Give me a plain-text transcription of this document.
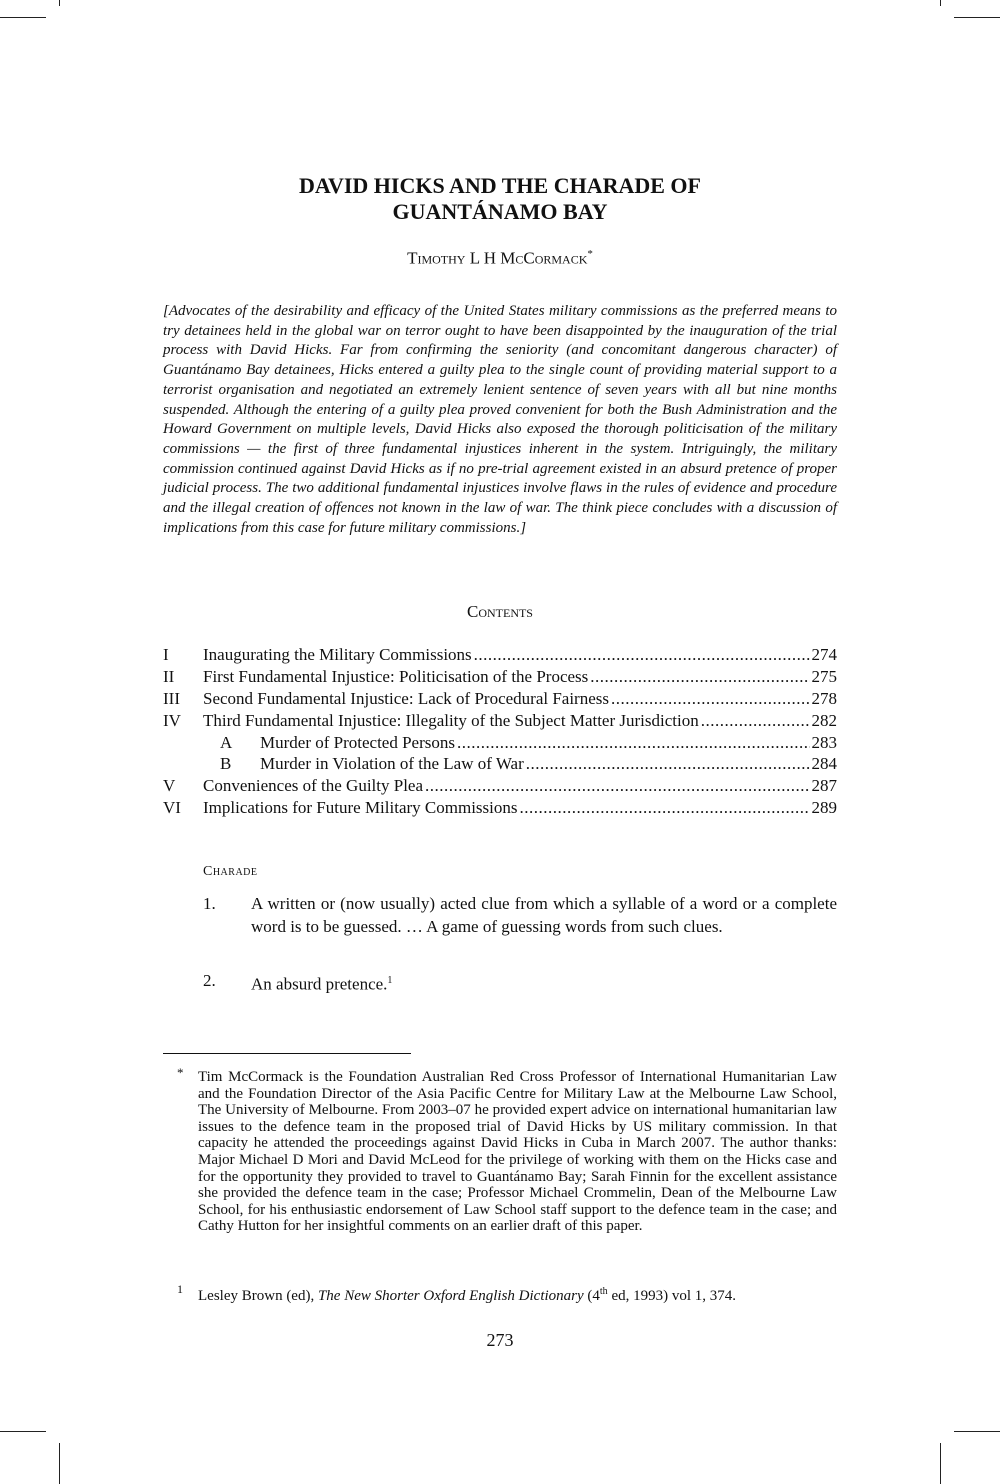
DAVID HICKS AND THE CHARADE OF
GUANTÁNAMO BAY
Timothy L H McCormack*
[Advocates of the desirability and efficacy of the United States military commissions as the preferred means to try detainees held in the global war on terror ought to have been disappointed by the inauguration of the trial process with David Hicks. Far from confirming the seniority (and concomitant dangerous character) of Guantánamo Bay detainees, Hicks entered a guilty plea to the single count of providing material support to a terrorist organisation and negotiated an extremely lenient sentence of seven years with all but nine months suspended. Although the entering of a guilty plea proved convenient for both the Bush Administration and the Howard Government on multiple levels, David Hicks also exposed the thorough politicisation of the military commissions — the first of three fundamental injustices inherent in the system. Intriguingly, the military commission continued against David Hicks as if no pre-trial agreement existed in an absurd pretence of proper judicial process. The two additional fundamental injustices involve flaws in the rules of evidence and procedure and the illegal creation of offences not known in the law of war. The think piece concludes with a discussion of implications from this case for future military commissions.]
Contents
I	Inaugurating the Military Commissions .....	274
II	First Fundamental Injustice: Politicisation of the Process .....	275
III	Second Fundamental Injustice: Lack of Procedural Fairness .....	278
IV	Third Fundamental Injustice: Illegality of the Subject Matter Jurisdiction .....	282
A	Murder of Protected Persons .....	283
B	Murder in Violation of the Law of War .....	284
V	Conveniences of the Guilty Plea .....	287
VI	Implications for Future Military Commissions .....	289
Charade
1. A written or (now usually) acted clue from which a syllable of a word or a complete word is to be guessed. … A game of guessing words from such clues.
2. An absurd pretence.$^1$
* Tim McCormack is the Foundation Australian Red Cross Professor of International Humanitarian Law and the Foundation Director of the Asia Pacific Centre for Military Law at the Melbourne Law School, The University of Melbourne. From 2003–07 he provided expert advice on international humanitarian law issues to the defence team in the proposed trial of David Hicks by US military commission. In that capacity he attended the proceedings against David Hicks in Cuba in March 2007. The author thanks: Major Michael D Mori and David McLeod for the privilege of working with them on the Hicks case and for the opportunity they provided to travel to Guantánamo Bay; Sarah Finnin for the excellent assistance she provided the defence team in the case; Professor Michael Crommelin, Dean of the Melbourne Law School, for his enthusiastic endorsement of Law School staff support to the defence team in the case; and Cathy Hutton for her insightful comments on an earlier draft of this paper.
1 Lesley Brown (ed), The New Shorter Oxford English Dictionary (4th ed, 1993) vol 1, 374.
273
